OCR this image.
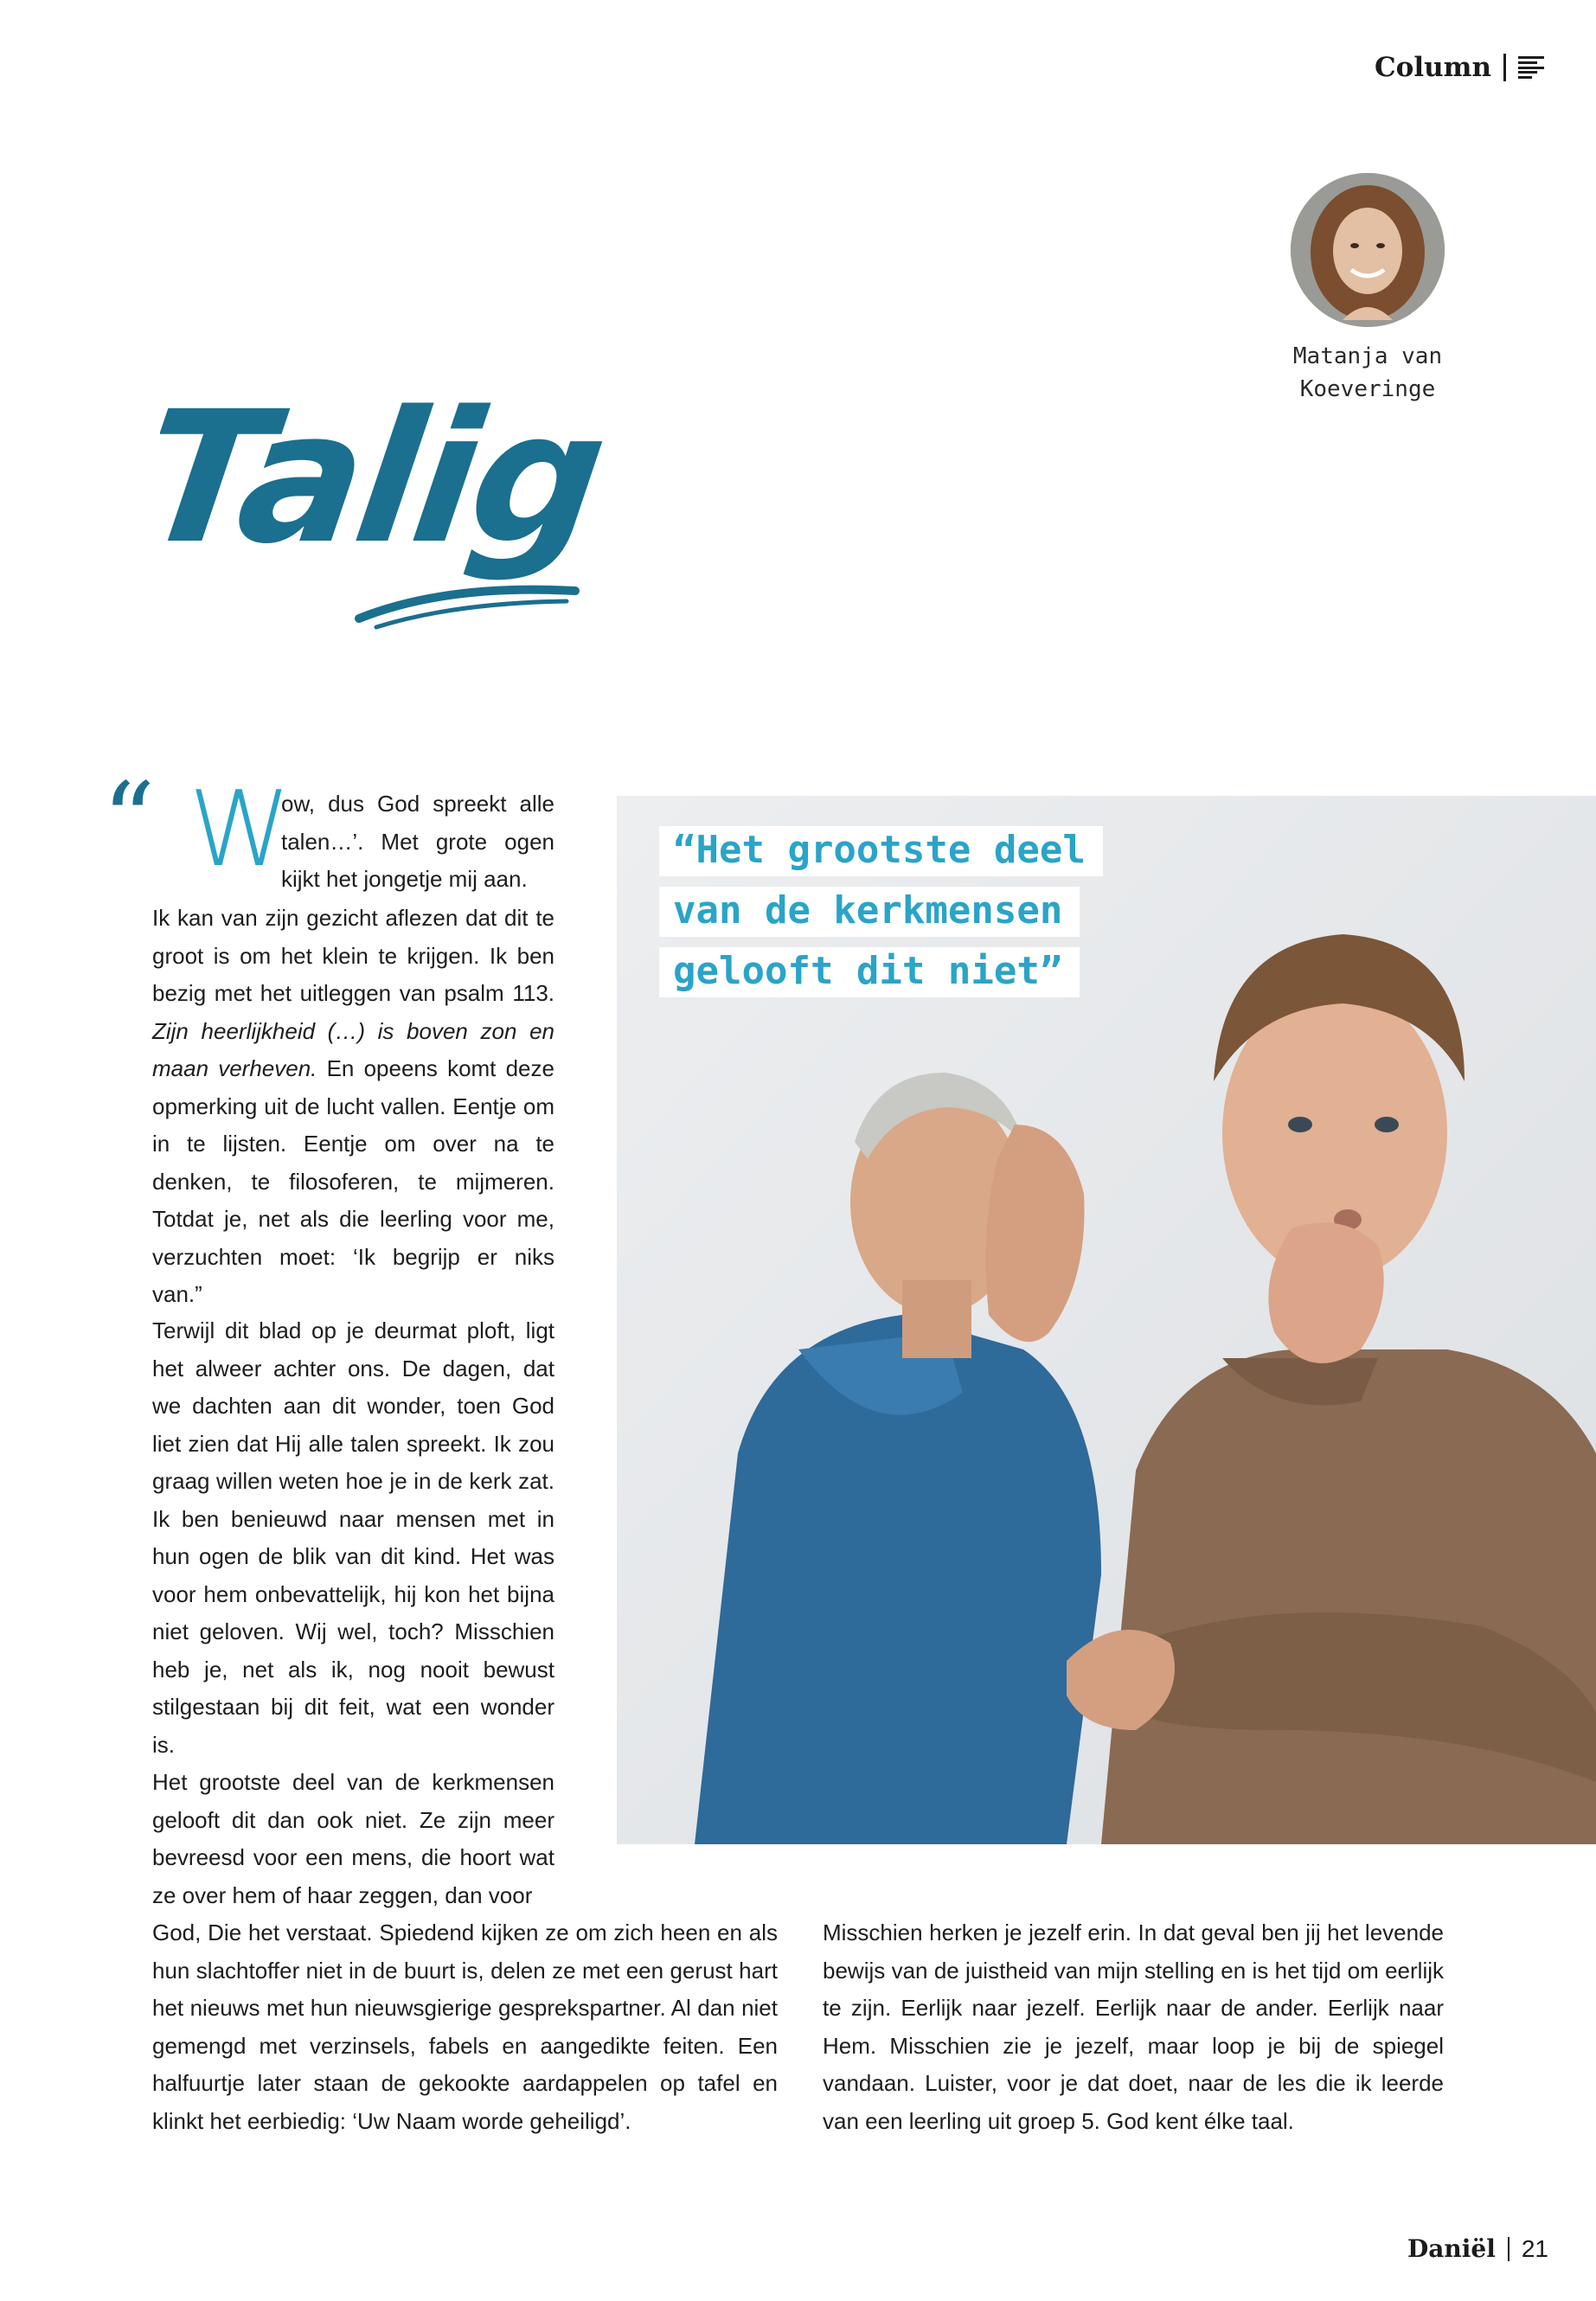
Column
Matanja van
Koeveringe
Talig
“ W
ow, dus God spreekt alle talen…’. Met grote ogen kijkt het jongetje mij aan.
Ik kan van zijn gezicht aflezen dat dit te groot is om het klein te krijgen. Ik ben bezig met het uitleggen van psalm 113. Zijn heerlijkheid (…) is boven zon en maan verheven. En opeens komt deze opmerking uit de lucht vallen. Eentje om in te lijsten. Eentje om over na te denken, te filosoferen, te mijmeren. Totdat je, net als die leerling voor me, verzuchten moet: ‘Ik begrijp er niks van.”
Terwijl dit blad op je deurmat ploft, ligt het alweer achter ons. De dagen, dat we dachten aan dit wonder, toen God liet zien dat Hij alle talen spreekt. Ik zou graag willen weten hoe je in de kerk zat. Ik ben benieuwd naar mensen met in hun ogen de blik van dit kind. Het was voor hem onbevattelijk, hij kon het bijna niet geloven. Wij wel, toch? Misschien heb je, net als ik, nog nooit bewust stilgestaan bij dit feit, wat een wonder is.
Het grootste deel van de kerkmensen gelooft dit dan ook niet. Ze zijn meer bevreesd voor een mens, die hoort wat ze over hem of haar zeggen, dan voor
God, Die het verstaat. Spiedend kijken ze om zich heen en als hun slachtoffer niet in de buurt is, delen ze met een gerust hart het nieuws met hun nieuwsgierige gesprekspartner. Al dan niet gemengd met verzinsels, fabels en aangedikte feiten. Een halfuurtje later staan de gekookte aardappelen op tafel en klinkt het eerbiedig: ‘Uw Naam worde geheiligd’.
Misschien herken je jezelf erin. In dat geval ben jij het levende bewijs van de juistheid van mijn stelling en is het tijd om eerlijk te zijn. Eerlijk naar jezelf. Eerlijk naar de ander. Eerlijk naar Hem. Misschien zie je jezelf, maar loop je bij de spiegel vandaan. Luister, voor je dat doet, naar de les die ik leerde van een leerling uit groep 5. God kent élke taal.
“Het grootste deel
van de kerkmensen
gelooft dit niet”
Daniël 21
